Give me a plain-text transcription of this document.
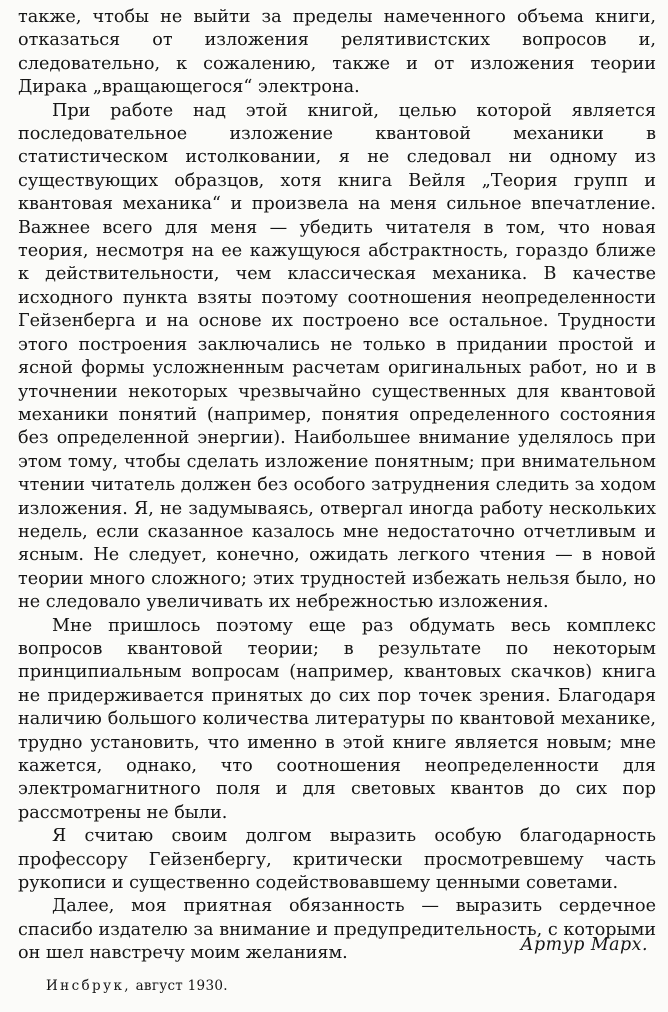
также, чтобы не выйти за пределы намеченного объема книги, отказаться от изложения релятивистских вопросов и, следовательно, к сожалению, также и от изложения теории Дирака „вращающегося“ электрона.

При работе над этой книгой, целью которой является последовательное изложение квантовой механики в статистическом истолковании, я не следовал ни одному из существующих образцов, хотя книга Вейля „Теория групп и квантовая механика“ и произвела на меня сильное впечатление. Важнее всего для меня — убедить читателя в том, что новая теория, несмотря на ее кажущуюся абстрактность, гораздо ближе к действительности, чем классическая механика. В качестве исходного пункта взяты поэтому соотношения неопределенности Гейзенберга и на основе их построено все остальное. Трудности этого построения заключались не только в придании простой и ясной формы усложненным расчетам оригинальных работ, но и в уточнении некоторых чрезвычайно существенных для квантовой механики понятий (например, понятия определенного состояния без определенной энергии). Наибольшее внимание уделялось при этом тому, чтобы сделать изложение понятным; при внимательном чтении читатель должен без особого затруднения следить за ходом изложения. Я, не задумываясь, отвергал иногда работу нескольких недель, если сказанное казалось мне недостаточно отчетливым и ясным. Не следует, конечно, ожидать легкого чтения — в новой теории много сложного; этих трудностей избежать нельзя было, но не следовало увеличивать их небрежностью изложения.

Мне пришлось поэтому еще раз обдумать весь комплекс вопросов квантовой теории; в результате по некоторым принципиальным вопросам (например, квантовых скачков) книга не придерживается принятых до сих пор точек зрения. Благодаря наличию большого количества литературы по квантовой механике, трудно установить, что именно в этой книге является новым; мне кажется, однако, что соотношения неопределенности для электромагнитного поля и для световых квантов до сих пор рассмотрены не были.

Я считаю своим долгом выразить особую благодарность профессору Гейзенбергу, критически просмотревшему часть рукописи и существенно содействовавшему ценными советами.

Далее, моя приятная обязанность — выразить сердечное спасибо издателю за внимание и предупредительность, с которыми он шел навстречу моим желаниям.	Артур Марх.
Инсбрук, август 1930.
